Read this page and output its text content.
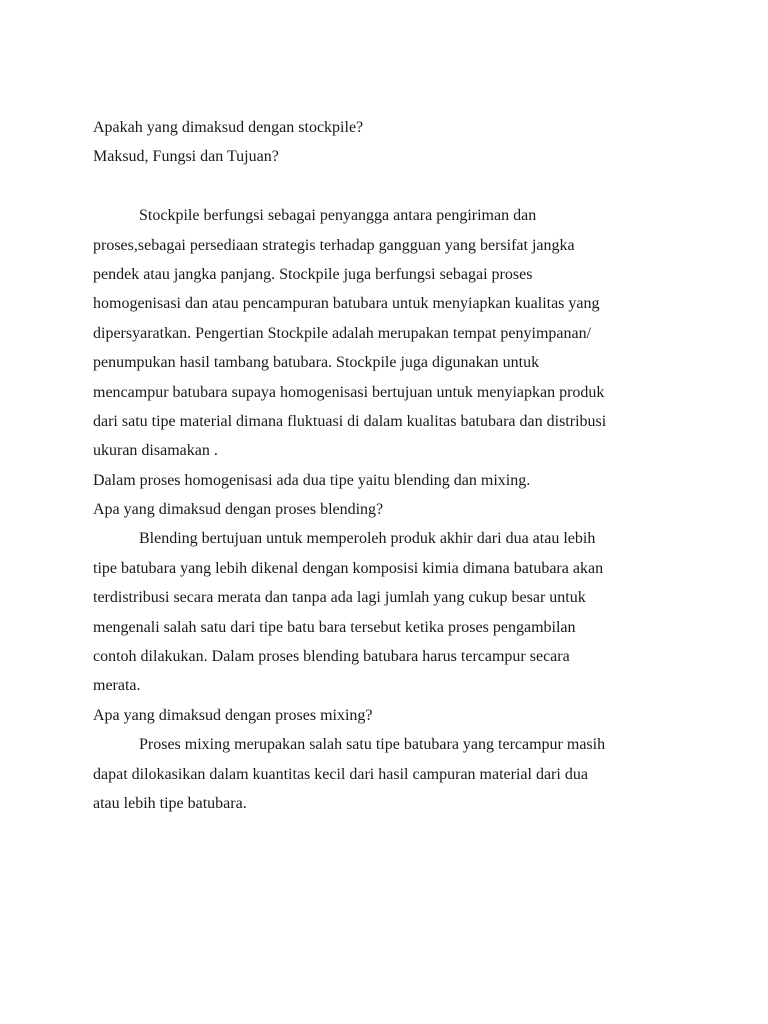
Apakah yang dimaksud dengan stockpile?
Maksud, Fungsi dan Tujuan?
Stockpile berfungsi sebagai penyangga antara pengiriman dan
proses,sebagai persediaan strategis terhadap gangguan yang bersifat jangka
pendek atau jangka panjang. Stockpile juga berfungsi sebagai proses
homogenisasi dan atau pencampuran batubara untuk menyiapkan kualitas yang
dipersyaratkan. Pengertian Stockpile adalah merupakan tempat penyimpanan/
penumpukan hasil tambang batubara. Stockpile juga digunakan untuk
mencampur batubara supaya homogenisasi bertujuan untuk menyiapkan produk
dari satu tipe material dimana fluktuasi di dalam kualitas batubara dan distribusi
ukuran disamakan .
Dalam proses homogenisasi ada dua tipe yaitu blending dan mixing.
Apa yang dimaksud dengan proses blending?
Blending bertujuan untuk memperoleh produk akhir dari dua atau lebih
tipe batubara yang lebih dikenal dengan komposisi kimia dimana batubara akan
terdistribusi secara merata dan tanpa ada lagi jumlah yang cukup besar untuk
mengenali salah satu dari tipe batu bara tersebut ketika proses pengambilan
contoh dilakukan. Dalam proses blending batubara harus tercampur secara
merata.
Apa yang dimaksud dengan proses mixing?
Proses mixing merupakan salah satu tipe batubara yang tercampur masih
dapat dilokasikan dalam kuantitas kecil dari hasil campuran material dari dua
atau lebih tipe batubara.
